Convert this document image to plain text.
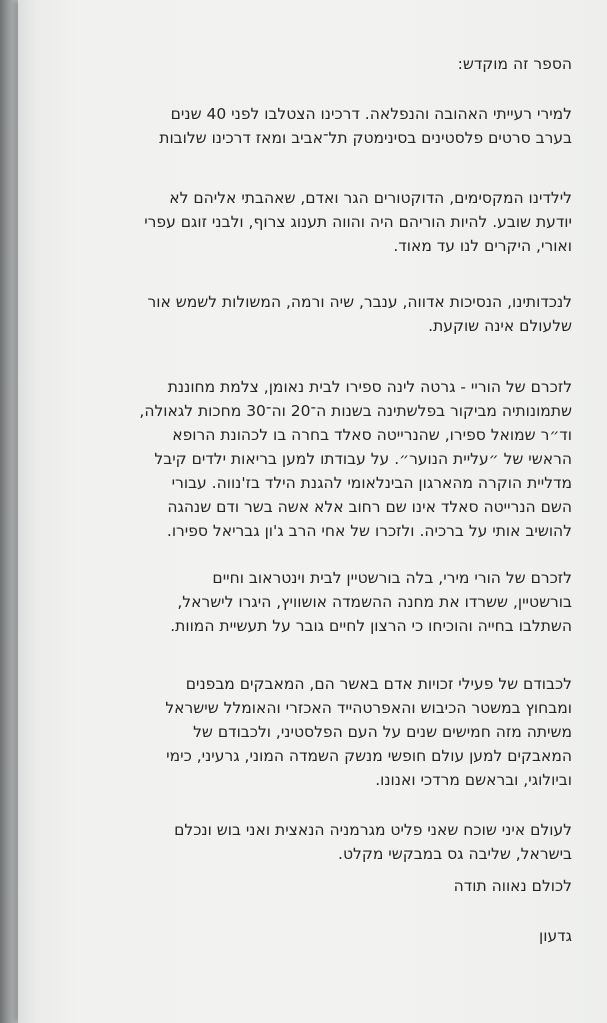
הספר זה מוקדש:
למירי רעייתי האהובה והנפלאה. דרכינו הצטלבו לפני 40 שנים
בערב סרטים פלסטינים בסינימטק תל־אביב ומאז דרכינו שלובות
לילדינו המקסימים, הדוקטורים הגר ואדם, שאהבתי אליהם לא
יודעת שובע. להיות הוריהם היה והווה תענוג צרוף, ולבני זוגם עפרי
ואורי, היקרים לנו עד מאוד.
לנכדותינו, הנסיכות אדווה, ענבר, שיה ורמה, המשולות לשמש אור
שלעולם אינה שוקעת.
לזכרם של הוריי - גרטה לינה ספירו לבית נאומן, צלמת מחוננת
שתמונותיה מביקור בפלשתינה בשנות ה־20 וה־30 מחכות לגאולה,
וד״ר שמואל ספירו, שהנרייטה סאלד בחרה בו לכהונת הרופא
הראשי של ״עליית הנוער״. על עבודתו למען בריאות ילדים קיבל
מדליית הוקרה מהארגון הבינלאומי להגנת הילד בז'נווה. עבורי
השם הנרייטה סאלד אינו שם רחוב אלא אשה בשר ודם שנהגה
להושיב אותי על ברכיה. ולזכרו של אחי הרב ג'ון גבריאל ספירו.
לזכרם של הורי מירי, בלה בורשטיין לבית וינטראוב וחיים
בורשטיין, ששרדו את מחנה ההשמדה אושוויץ, היגרו לישראל,
השתלבו בחייה והוכיחו כי הרצון לחיים גובר על תעשיית המוות.
לכבודם של פעילי זכויות אדם באשר הם, המאבקים מבפנים
ומבחוץ במשטר הכיבוש והאפרטהייד האכזרי והאומלל שישראל
משיתה מזה חמישים שנים על העם הפלסטיני, ולכבודם של
המאבקים למען עולם חופשי מנשק השמדה המוני, גרעיני, כימי
וביולוגי, ובראשם מרדכי ואנונו.
לעולם איני שוכח שאני פליט מגרמניה הנאצית ואני בוש ונכלם
בישראל, שליבה גס במבקשי מקלט.
לכולם נאווה תודה
גדעון
